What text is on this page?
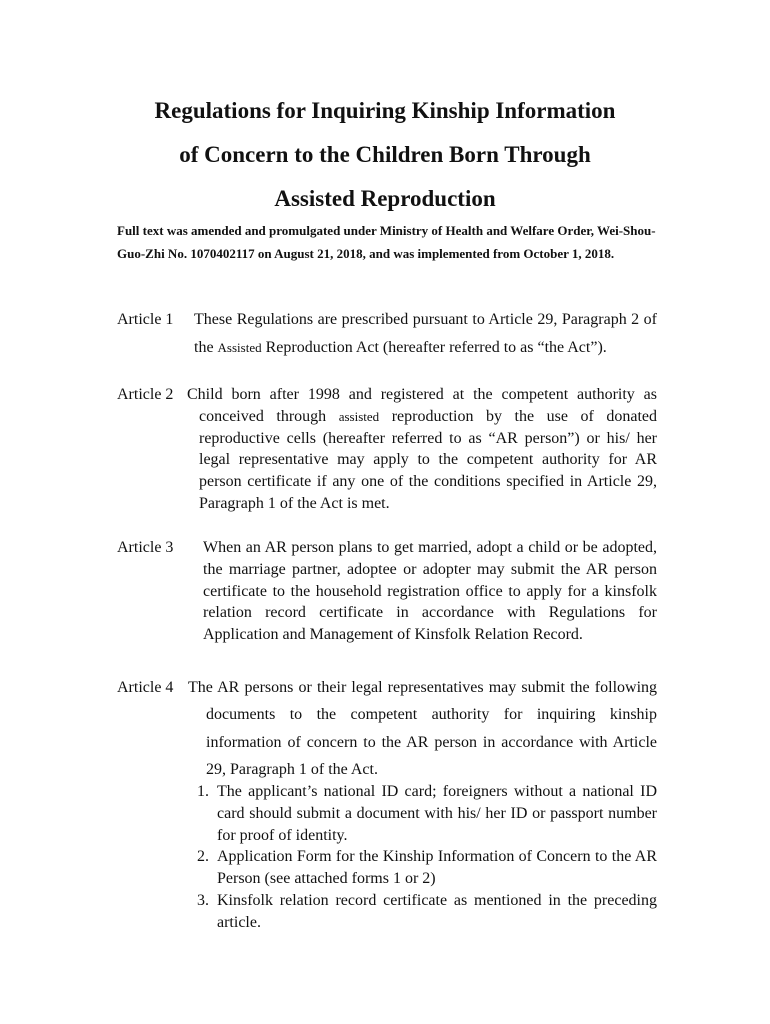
Regulations for Inquiring Kinship Information
of Concern to the Children Born Through
Assisted Reproduction

Full text was amended and promulgated under Ministry of Health and Welfare Order, Wei-Shou-Guo-Zhi No. 1070402117 on August 21, 2018, and was implemented from October 1, 2018.

Article 1 These Regulations are prescribed pursuant to Article 29, Paragraph 2 of the Assisted Reproduction Act (hereafter referred to as “the Act”).
Article 2 Child born after 1998 and registered at the competent authority as conceived through assisted reproduction by the use of donated reproductive cells (hereafter referred to as “AR person”) or his/ her legal representative may apply to the competent authority for AR person certificate if any one of the conditions specified in Article 29, Paragraph 1 of the Act is met.
Article 3 When an AR person plans to get married, adopt a child or be adopted, the marriage partner, adoptee or adopter may submit the AR person certificate to the household registration office to apply for a kinsfolk relation record certificate in accordance with Regulations for Application and Management of Kinsfolk Relation Record.
Article 4 The AR persons or their legal representatives may submit the following documents to the competent authority for inquiring kinship information of concern to the AR person in accordance with Article 29, Paragraph 1 of the Act.
1. The applicant’s national ID card; foreigners without a national ID card should submit a document with his/ her ID or passport number for proof of identity.
2. Application Form for the Kinship Information of Concern to the AR Person (see attached forms 1 or 2)
3. Kinsfolk relation record certificate as mentioned in the preceding article.
